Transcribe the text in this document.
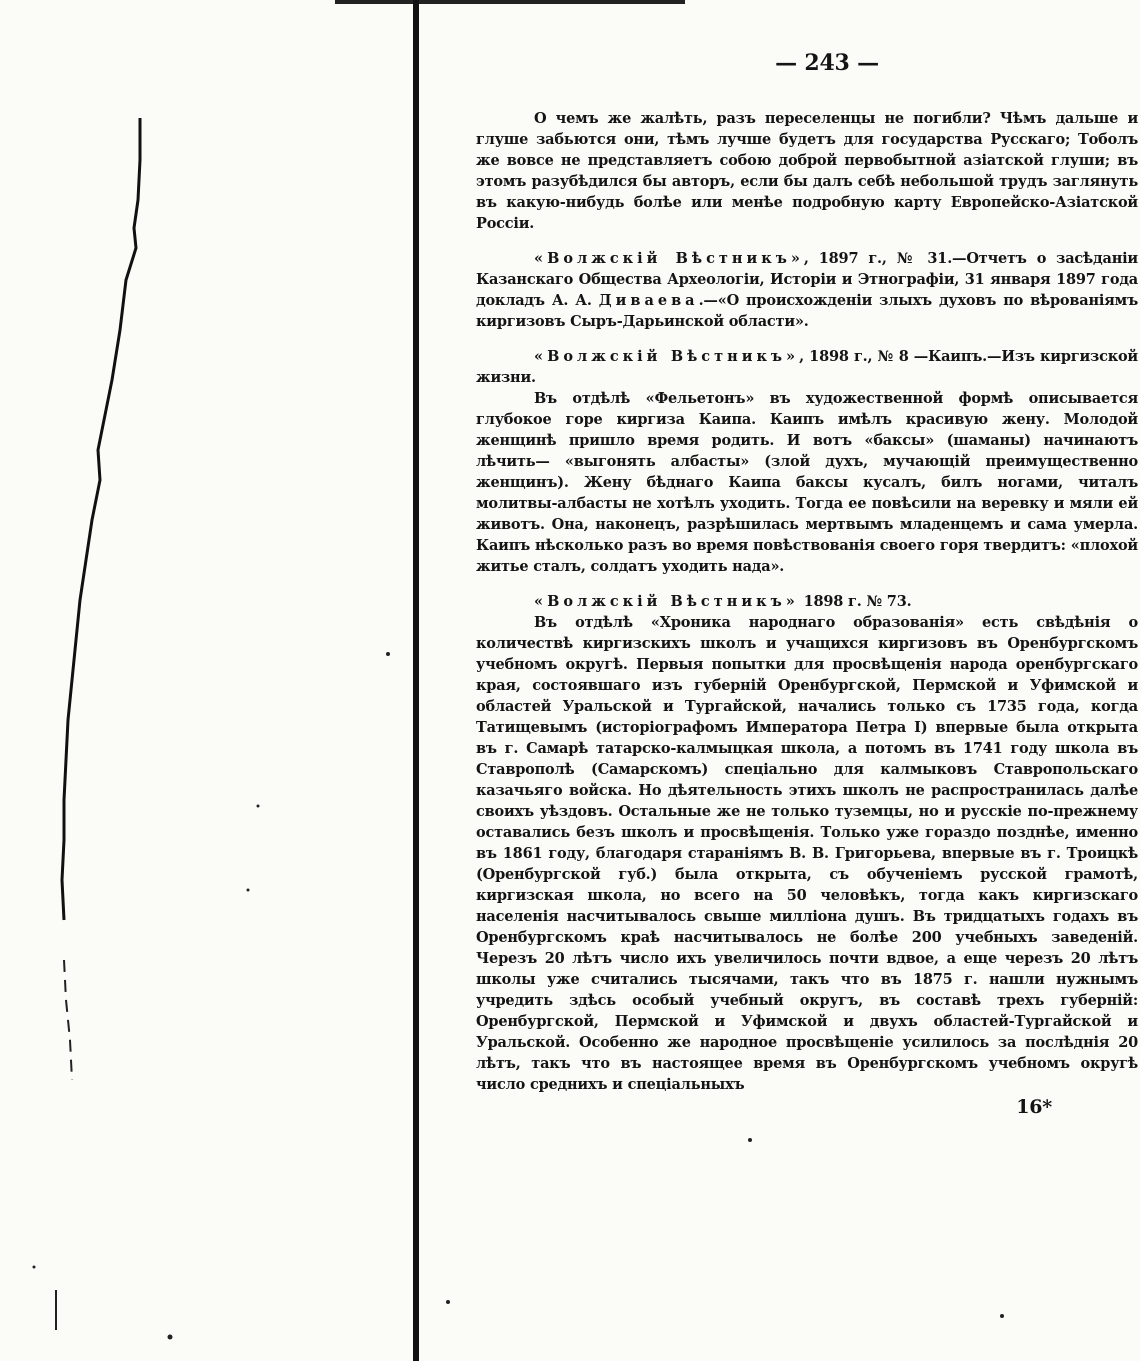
— 243 —

О чемъ же жалѣть, разъ переселенцы не погибли? Чѣмъ дальше и глуше забьются они, тѣмъ лучше будетъ для государства Русскаго; Тоболъ же вовсе не представляетъ собою доброй первобытной азіатской глуши; въ этомъ разубѣдился бы авторъ, если бы далъ себѣ небольшой трудъ заглянуть въ какую-нибудь болѣе или менѣе подробную карту Европейско-Азіатской Россіи.

«Волжскій Вѣстникъ», 1897 г., № 31.—Отчетъ о засѣданіи Казанскаго Общества Археологіи, Исторіи и Этнографіи, 31 января 1897 года докладъ А. А. Диваева.—«О происхожденіи злыхъ духовъ по вѣрованіямъ киргизовъ Сыръ-Дарьинской области».

«Волжскій Вѣстникъ», 1898 г., № 8 —Каипъ.—Изъ киргизской жизни.

Въ отдѣлѣ «Фельетонъ» въ художественной формѣ описывается глубокое горе киргиза Каипа. Каипъ имѣлъ красивую жену. Молодой женщинѣ пришло время родить. И вотъ «баксы» (шаманы) начинаютъ лѣчить— «выгонять албасты» (злой духъ, мучающій преимущественно женщинъ). Жену бѣднаго Каипа баксы кусалъ, билъ ногами, читалъ молитвы-албасты не хотѣлъ уходить. Тогда ее повѣсили на веревку и мяли ей животъ. Она, наконецъ, разрѣшилась мертвымъ младенцемъ и сама умерла. Каипъ нѣсколько разъ во время повѣствованія своего горя твердитъ: «плохой житье сталъ, солдатъ уходить нада».

«Волжскій Вѣстникъ» 1898 г. № 73.

Въ отдѣлѣ «Хроника народнаго образованія» есть свѣдѣнія о количествѣ киргизскихъ школъ и учащихся киргизовъ въ Оренбургскомъ учебномъ округѣ. Первыя попытки для просвѣщенія народа оренбургскаго края, состоявшаго изъ губерній Оренбургской, Пермской и Уфимской и областей Уральской и Тургайской, начались только съ 1735 года, когда Татищевымъ (исторіографомъ Императора Петра I) впервые была открыта въ г. Самарѣ татарско-калмыцкая школа, а потомъ въ 1741 году школа въ Ставрополѣ (Самарскомъ) спеціально для калмыковъ Ставропольскаго казачьяго войска. Но дѣятельность этихъ школъ не распространилась далѣе своихъ уѣздовъ. Остальные же не только туземцы, но и русскіе по-прежнему оставались безъ школъ и просвѣщенія. Только уже гораздо позднѣе, именно въ 1861 году, благодаря стараніямъ В. В. Григорьева, впервые въ г. Троицкѣ (Оренбургской губ.) была открыта, съ обученіемъ русской грамотѣ, киргизская школа, но всего на 50 человѣкъ, тогда какъ киргизскаго населенія насчитывалось свыше милліона душъ. Въ тридцатыхъ годахъ въ Оренбургскомъ краѣ насчитывалось не болѣе 200 учебныхъ заведеній. Черезъ 20 лѣтъ число ихъ увеличилось почти вдвое, а еще черезъ 20 лѣтъ школы уже считались тысячами, такъ что въ 1875 г. нашли нужнымъ учредить здѣсь особый учебный округъ, въ составѣ трехъ губерній: Оренбургской, Пермской и Уфимской и двухъ областей-Тургайской и Уральской. Особенно же народное просвѣщеніе усилилось за послѣднія 20 лѣтъ, такъ что въ настоящее время въ Оренбургскомъ учебномъ округѣ число среднихъ и спеціальныхъ

16*
